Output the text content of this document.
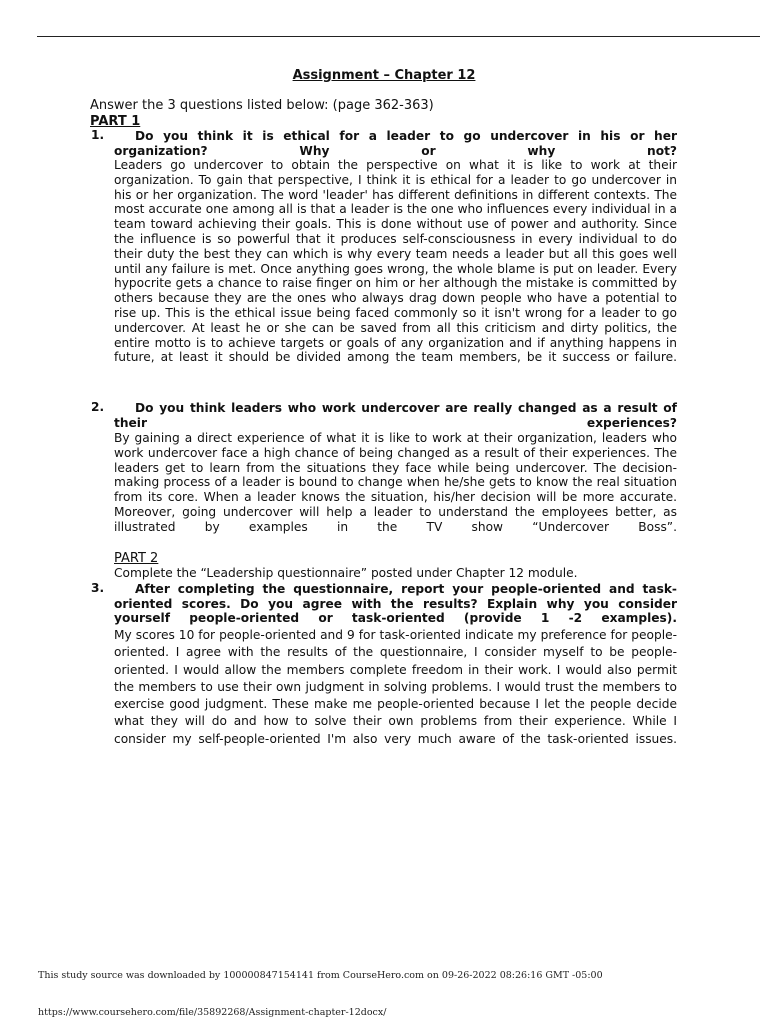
Assignment – Chapter 12
Answer the 3 questions listed below: (page 362-363)
PART 1
1.	Do you think it is ethical for a leader to go undercover in his or her organization? Why or why not?
Leaders go undercover to obtain the perspective on what it is like to work at their organization. To gain that perspective, I think it is ethical for a leader to go undercover in his or her organization. The word 'leader' has different definitions in different contexts. The most accurate one among all is that a leader is the one who influences every individual in a team toward achieving their goals. This is done without use of power and authority. Since the influence is so powerful that it produces self-consciousness in every individual to do their duty the best they can which is why every team needs a leader but all this goes well until any failure is met. Once anything goes wrong, the whole blame is put on leader. Every hypocrite gets a chance to raise finger on him or her although the mistake is committed by others because they are the ones who always drag down people who have a potential to rise up. This is the ethical issue being faced commonly so it isn't wrong for a leader to go undercover. At least he or she can be saved from all this criticism and dirty politics, the entire motto is to achieve targets or goals of any organization and if anything happens in future, at least it should be divided among the team members, be it success or failure.
2.	Do you think leaders who work undercover are really changed as a result of their experiences?
By gaining a direct experience of what it is like to work at their organization, leaders who work undercover face a high chance of being changed as a result of their experiences. The leaders get to learn from the situations they face while being undercover. The decision-making process of a leader is bound to change when he/she gets to know the real situation from its core. When a leader knows the situation, his/her decision will be more accurate. Moreover, going undercover will help a leader to understand the employees better, as illustrated by examples in the TV show “Undercover Boss”.
PART 2
Complete the “Leadership questionnaire” posted under Chapter 12 module.
3.	After completing the questionnaire, report your people-oriented and task-oriented scores. Do you agree with the results? Explain why you consider yourself people-oriented or task-oriented (provide 1 -2 examples).
My scores 10 for people-oriented and 9 for task-oriented indicate my preference for people-oriented. I agree with the results of the questionnaire, I consider myself to be people-oriented. I would allow the members complete freedom in their work. I would also permit the members to use their own judgment in solving problems. I would trust the members to exercise good judgment. These make me people-oriented because I let the people decide what they will do and how to solve their own problems from their experience. While I consider my self-people-oriented I'm also very much aware of the task-oriented issues.
This study source was downloaded by 100000847154141 from CourseHero.com on 09-26-2022 08:26:16 GMT -05:00
https://www.coursehero.com/file/35892268/Assignment-chapter-12docx/
